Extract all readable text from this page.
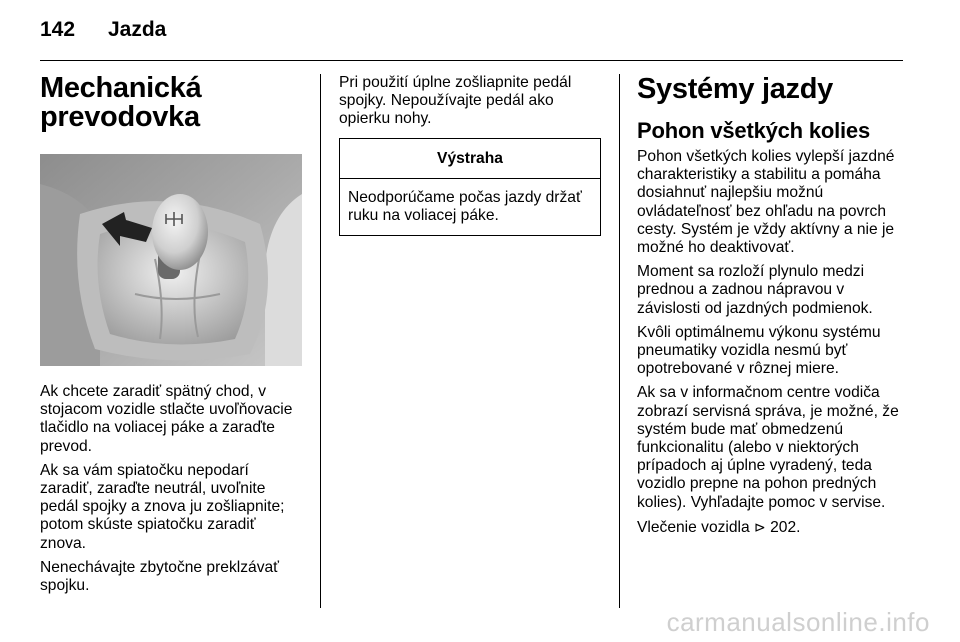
142	Jazda
Mechanická
prevodovka

Ak chcete zaradiť spätný chod, v stojacom vozidle stlačte uvoľňovacie tlačidlo na voliacej páke a zaraďte prevod.

Ak sa vám spiatočku nepodarí zaradiť, zaraďte neutrál, uvoľnite pedál spojky a znova ju zošliapnite; potom skúste spiatočku zaradiť znova.

Nenechávajte zbytočne preklzávať spojku.

Pri použití úplne zošliapnite pedál spojky. Nepoužívajte pedál ako opierku nohy.

Výstraha

Neodporúčame počas jazdy držať ruku na voliacej páke.

Systémy jazdy
Pohon všetkých kolies

Pohon všetkých kolies vylepší jazdné charakteristiky a stabilitu a pomáha dosiahnuť najlepšiu možnú ovládateľnosť bez ohľadu na povrch cesty. Systém je vždy aktívny a nie je možné ho deaktivovať.

Moment sa rozloží plynulo medzi prednou a zadnou nápravou v závislosti od jazdných podmienok.

Kvôli optimálnemu výkonu systému pneumatiky vozidla nesmú byť opotrebované v rôznej miere.

Ak sa v informačnom centre vodiča zobrazí servisná správa, je možné, že systém bude mať obmedzenú funkcionalitu (alebo v niektorých prípadoch aj úplne vyradený, teda vozidlo prepne na pohon predných kolies). Vyhľadajte pomoc v servise.

Vlečenie vozidla ⊳ 202.

carmanualsonline.info
